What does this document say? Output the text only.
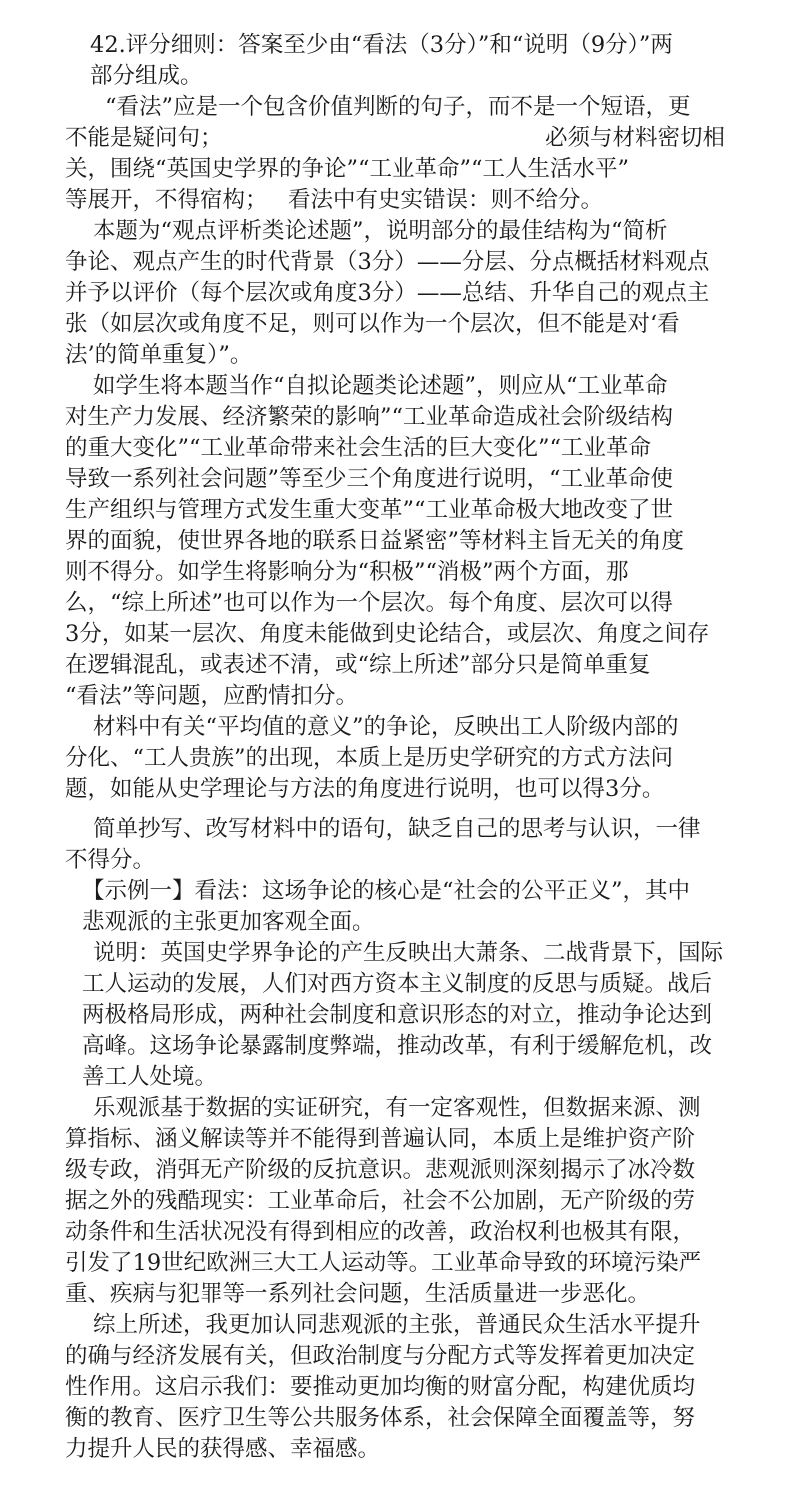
42.评分细则：答案至少由“看法（3分）”和“说明（9分）”两
部分组成。
“看法”应是一个包含价值判断的句子，而不是一个短语，更
不能是疑问句；	必须与材料密切相
关，围绕“英国史学界的争论”“工业革命”“工人生活水平”
等展开，不得宿构； 看法中有史实错误：则不给分。
本题为“观点评析类论述题”，说明部分的最佳结构为“简析
争论、观点产生的时代背景（3分）——分层、分点概括材料观点
并予以评价（每个层次或角度3分）——总结、升华自己的观点主
张（如层次或角度不足，则可以作为一个层次，但不能是对‘看
法’的简单重复）”。
如学生将本题当作“自拟论题类论述题”，则应从“工业革命
对生产力发展、经济繁荣的影响”“工业革命造成社会阶级结构
的重大变化”“工业革命带来社会生活的巨大变化”“工业革命
导致一系列社会问题”等至少三个角度进行说明，“工业革命使
生产组织与管理方式发生重大变革”“工业革命极大地改变了世
界的面貌，使世界各地的联系日益紧密”等材料主旨无关的角度
则不得分。如学生将影响分为“积极”“消极”两个方面，那
么，“综上所述”也可以作为一个层次。每个角度、层次可以得
3分，如某一层次、角度未能做到史论结合，或层次、角度之间存
在逻辑混乱，或表述不清，或“综上所述”部分只是简单重复
“看法”等问题，应酌情扣分。
材料中有关“平均值的意义”的争论，反映出工人阶级内部的
分化、“工人贵族”的出现，本质上是历史学研究的方式方法问
题，如能从史学理论与方法的角度进行说明，也可以得3分。
简单抄写、改写材料中的语句，缺乏自己的思考与认识，一律
不得分。
【示例一】看法：这场争论的核心是“社会的公平正义”，其中
悲观派的主张更加客观全面。
说明：英国史学界争论的产生反映出大萧条、二战背景下，国际
工人运动的发展，人们对西方资本主义制度的反思与质疑。战后
两极格局形成，两种社会制度和意识形态的对立，推动争论达到
高峰。这场争论暴露制度弊端，推动改革，有利于缓解危机，改
善工人处境。
乐观派基于数据的实证研究，有一定客观性，但数据来源、测
算指标、涵义解读等并不能得到普遍认同，本质上是维护资产阶
级专政，消弭无产阶级的反抗意识。悲观派则深刻揭示了冰冷数
据之外的残酷现实：工业革命后，社会不公加剧，无产阶级的劳
动条件和生活状况没有得到相应的改善，政治权利也极其有限，
引发了19世纪欧洲三大工人运动等。工业革命导致的环境污染严
重、疾病与犯罪等一系列社会问题，生活质量进一步恶化。
综上所述，我更加认同悲观派的主张，普通民众生活水平提升
的确与经济发展有关，但政治制度与分配方式等发挥着更加决定
性作用。这启示我们：要推动更加均衡的财富分配，构建优质均
衡的教育、医疗卫生等公共服务体系，社会保障全面覆盖等，努
力提升人民的获得感、幸福感。
